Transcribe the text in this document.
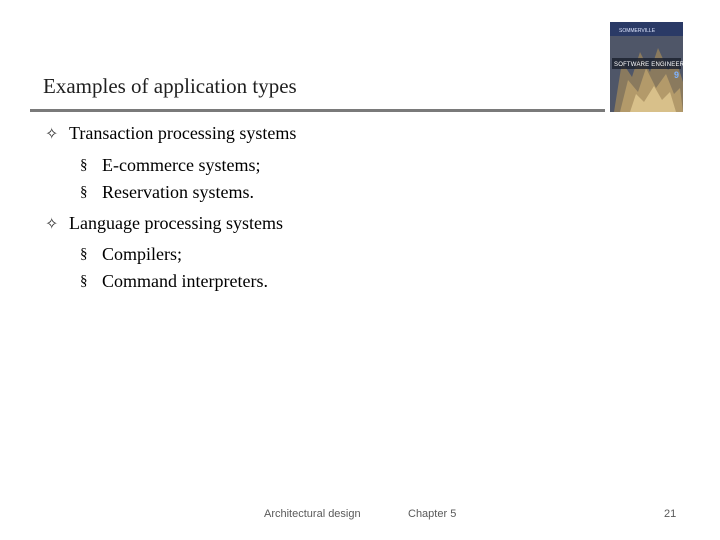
Examples of application types
SOFTWARE ENGINEERING
9
SOMMERVILLE
✧ Transaction processing systems
§ E-commerce systems;
§ Reservation systems.
✧ Language processing systems
§ Compilers;
§ Command interpreters.
Architectural design	Chapter 5	21
